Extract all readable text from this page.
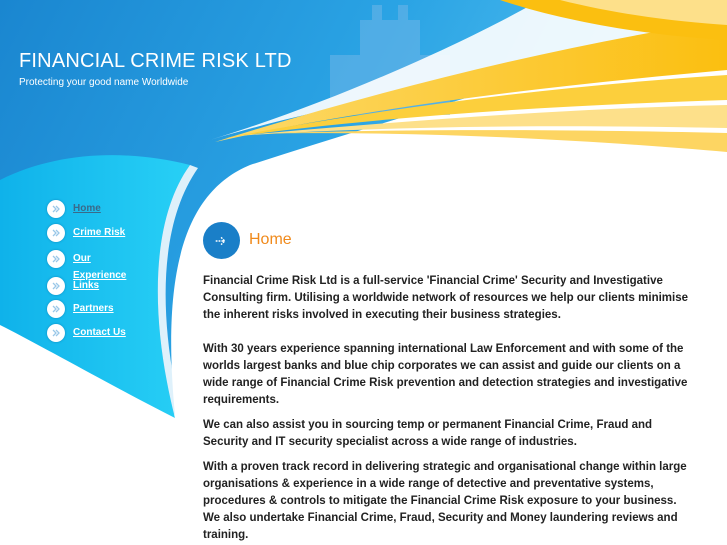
FINANCIAL CRIME RISK LTD
Protecting your good name Worldwide
Home
Crime Risk
Our Experience
Links
Partners
Contact Us
Home

Financial Crime Risk Ltd is a full-service 'Financial Crime' Security and Investigative Consulting firm. Utilising a worldwide network of resources we help our clients minimise the inherent risks involved in executing their business strategies.

With 30 years experience spanning international Law Enforcement and with some of the worlds largest banks and blue chip corporates we can assist and guide our clients on a wide range of Financial Crime Risk prevention and detection strategies and investigative requirements.

We can also assist you in sourcing temp or permanent Financial Crime, Fraud and Security and IT security specialist across a wide range of industries.

With a proven track record in delivering strategic and organisational change within large organisations & experience in a wide range of detective and preventative systems, procedures & controls to mitigate the Financial Crime Risk exposure to your business. We also undertake Financial Crime, Fraud, Security and Money laundering reviews and training.
